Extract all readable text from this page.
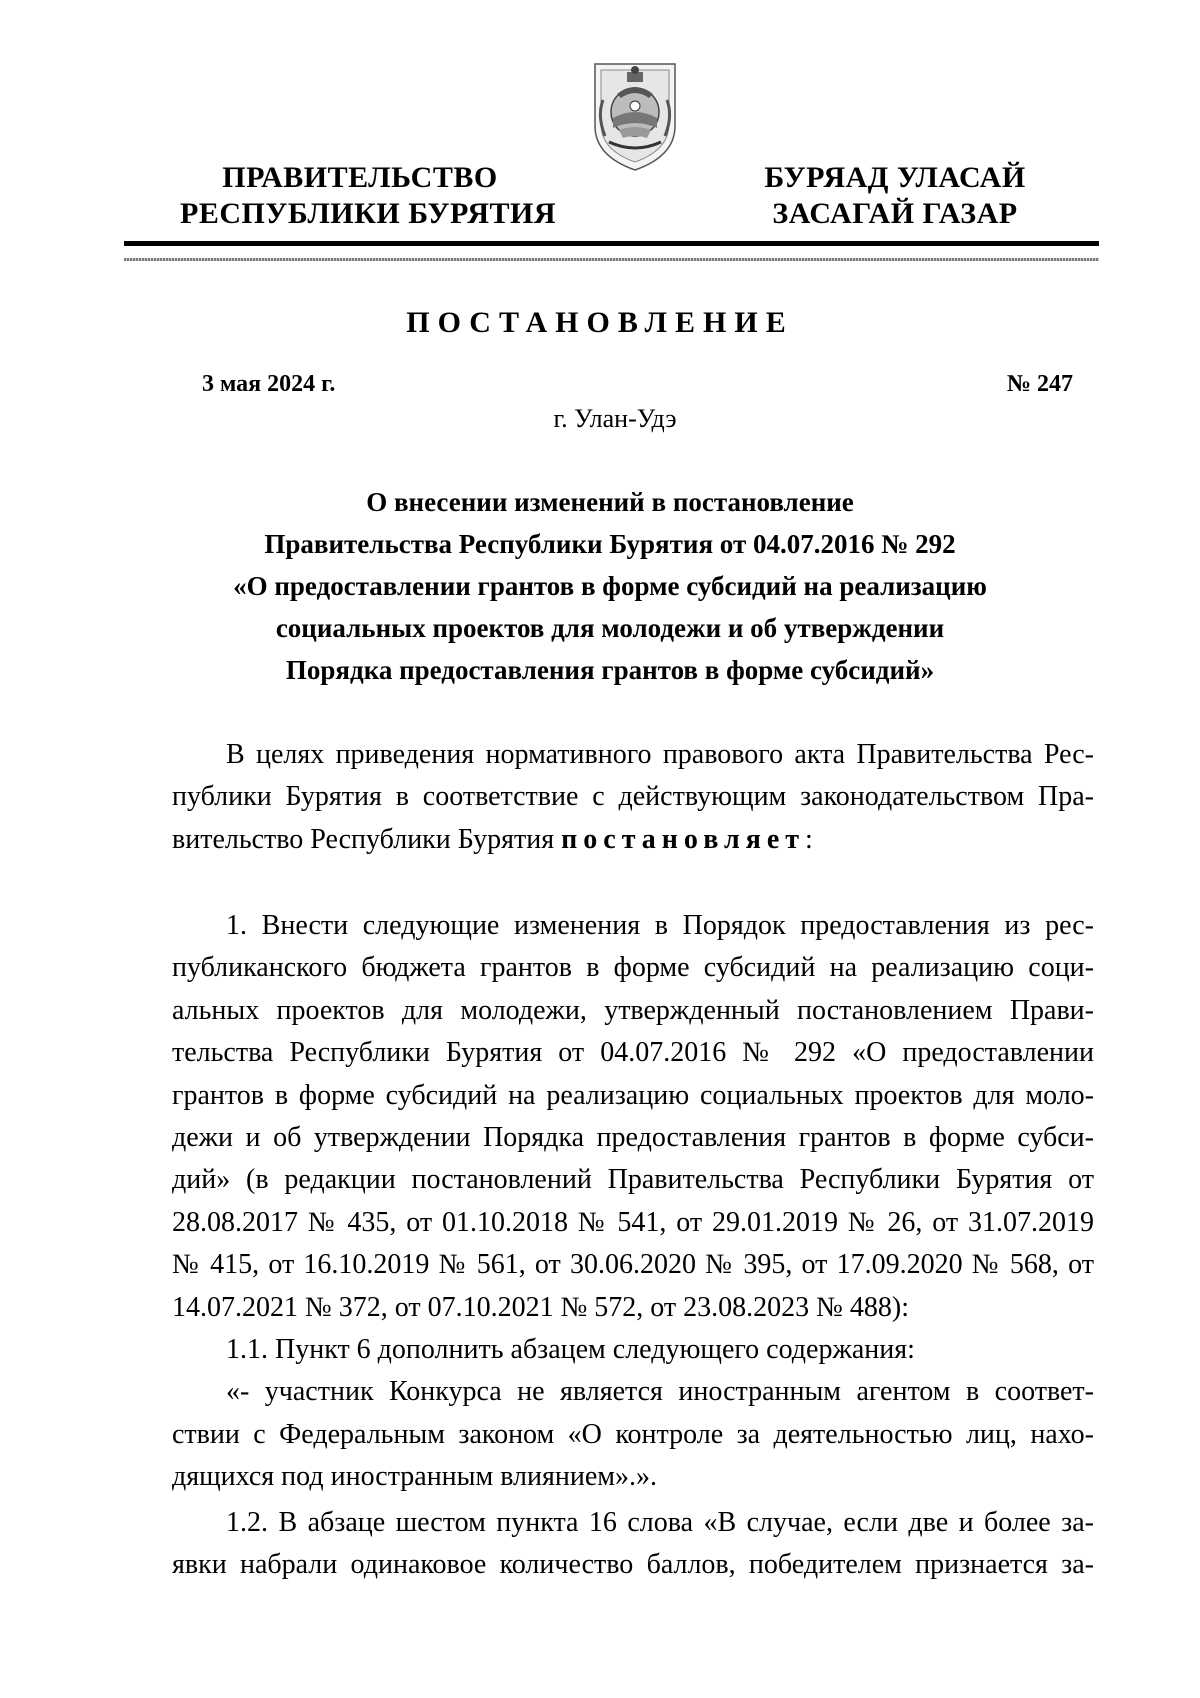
ПРАВИТЕЛЬСТВО
РЕСПУБЛИКИ БУРЯТИЯ
БУРЯАД УЛАСАЙ
ЗАСАГАЙ ГАЗАР
ПОСТАНОВЛЕНИЕ
3 мая 2024 г.	№ 247
г. Улан-Удэ
О внесении изменений в постановление
Правительства Республики Бурятия от 04.07.2016 № 292
«О предоставлении грантов в форме субсидий на реализацию
социальных проектов для молодежи и об утверждении
Порядка предоставления грантов в форме субсидий»
В целях приведения нормативного правового акта Правительства Рес-
публики Бурятия в соответствие с действующим законодательством Пра-
вительство Республики Бурятия постановляет:
1. Внести следующие изменения в Порядок предоставления из рес-
публиканского бюджета грантов в форме субсидий на реализацию соци-
альных проектов для молодежи, утвержденный постановлением Прави-
тельства Республики Бурятия от 04.07.2016 № 292 «О предоставлении
грантов в форме субсидий на реализацию социальных проектов для моло-
дежи и об утверждении Порядка предоставления грантов в форме субси-
дий» (в редакции постановлений Правительства Республики Бурятия от
28.08.2017 № 435, от 01.10.2018 № 541, от 29.01.2019 № 26, от 31.07.2019
№ 415, от 16.10.2019 № 561, от 30.06.2020 № 395, от 17.09.2020 № 568, от
14.07.2021 № 372, от 07.10.2021 № 572, от 23.08.2023 № 488):
1.1. Пункт 6 дополнить абзацем следующего содержания:
«- участник Конкурса не является иностранным агентом в соответ-
ствии с Федеральным законом «О контроле за деятельностью лиц, нахо-
дящихся под иностранным влиянием».».
1.2. В абзаце шестом пункта 16 слова «В случае, если две и более за-
явки набрали одинаковое количество баллов, победителем признается за-
